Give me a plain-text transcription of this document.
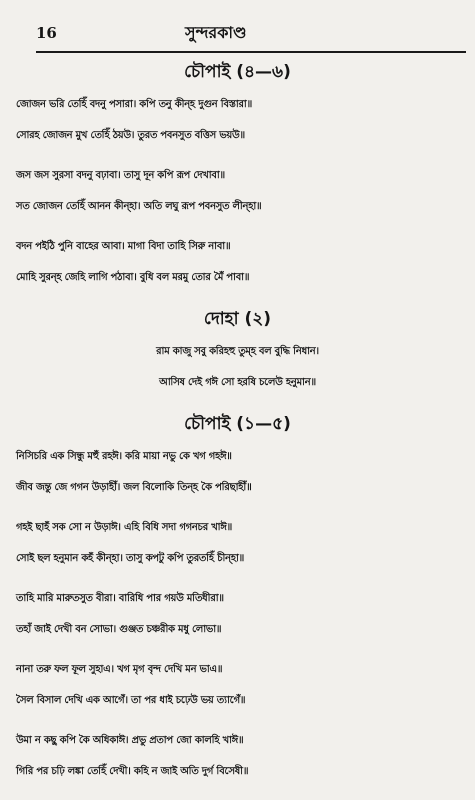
16	সুন্দরকাণ্ড
চৌপাই (৪—৬)
জোজন ভরি তেহিঁ বদনু পসারা। কপি তনু কীন্হ দুগুন বিস্তারা॥
সোরহ জোজন মুখ তেহিঁ ঠয়উ। তুরত পবনসুত বত্তিস ভয়উ॥
জস জস সুরসা বদনু বঢ়াবা। তাসু দূন কপি রূপ দেখাবা॥
সত জোজন তেহিঁ আনন কীন্হা। অতি লঘু রূপ পবনসুত লীন্হা॥
বদন পইঠি পুনি বাহের আবা। মাগা বিদা তাহি সিরু নাবা॥
মোহি সুরন্হ জেহি লাগি পঠাবা। বুধি বল মরমু তোর মৈঁ পাবা॥
দোহা (২)
রাম কাজু সবু করিহহু তুম্হ বল বুদ্ধি নিধান।
আসিষ দেই গঈ সো হরষি চলেউ হনুমান॥
চৌপাই (১—৫)
নিসিচরি এক সিন্ধু মহুঁ রহঈ। করি মায়া নভু কে খগ গহঈ॥
জীব জন্তু জে গগন উড়াহীঁ। জল বিলোকি তিন্হ কৈ পরিছাহীঁ॥
গহই ছাহঁ সক সো ন উড়াঈ। এহি বিধি সদা গগনচর খাঈ॥
সোই ছল হনুমান কহঁ কীন্হা। তাসু কপটু কপি তুরতহিঁ চীন্হা॥
তাহি মারি মারুতসুত বীরা। বারিধি পার গয়উ মতিধীরা॥
তহাঁ জাই দেখী বন সোভা। গুঞ্জত চঞ্চরীক মধু লোভা॥
নানা তরু ফল ফূল সুহাএ। খগ মৃগ বৃন্দ দেখি মন ভাএ॥
সৈল বিসাল দেখি এক আগেঁ। তা পর ধাই চঢ়েউ ভয় ত্যাগেঁ॥
উমা ন কছু কপি কৈ অধিকাঈ। প্রভু প্রতাপ জো কালহি খাঈ॥
গিরি পর চঢ়ি লঙ্কা তেহিঁ দেখী। কহি ন জাই অতি দুর্গ বিসেষী॥
